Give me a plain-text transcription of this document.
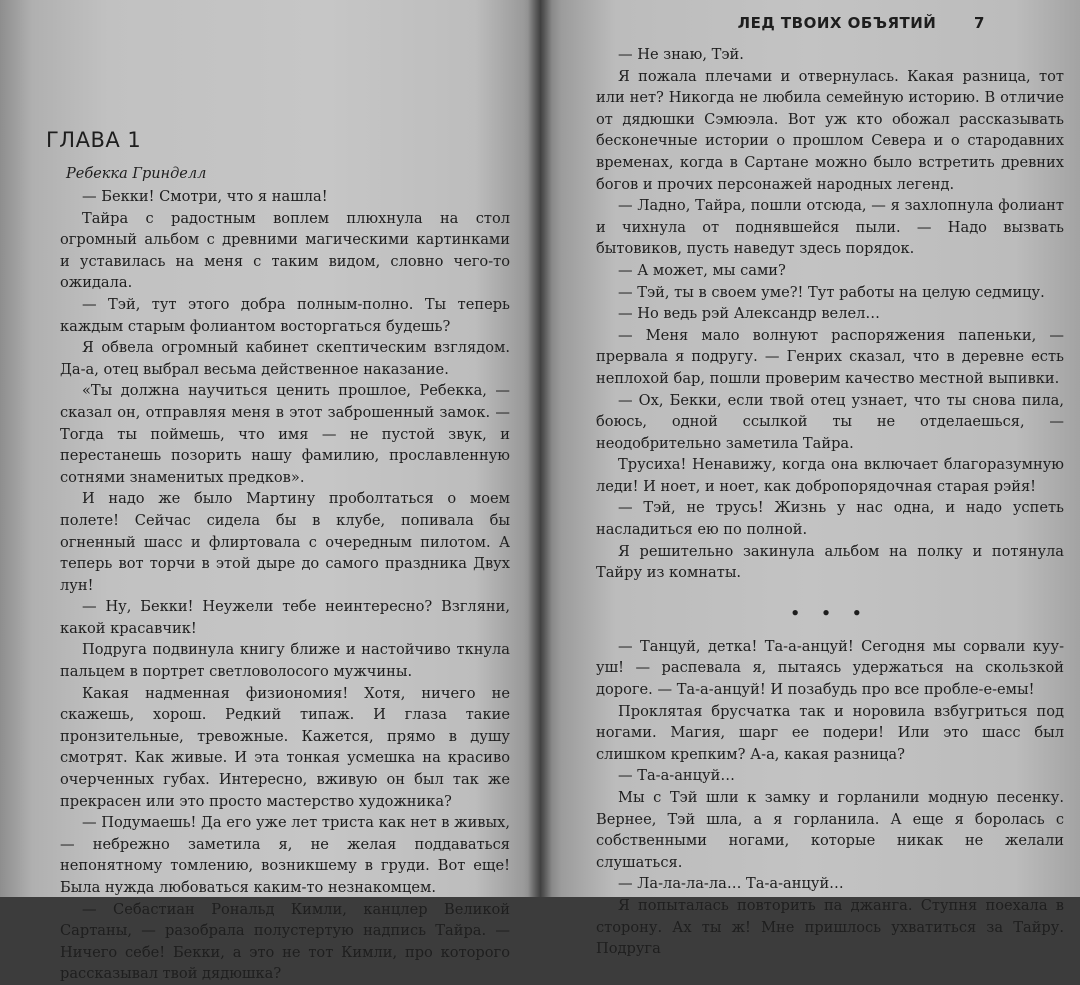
ГЛАВА 1
Ребекка Гринделл

— Бекки! Смотри, что я нашла!

Тайра с радостным воплем плюхнула на стол огромный альбом с древними магическими картинками и уставилась на меня с таким видом, словно чего-то ожидала.

— Тэй, тут этого добра полным-полно. Ты теперь каждым старым фолиантом восторгаться будешь?

Я обвела огромный кабинет скептическим взглядом. Да-а, отец выбрал весьма действенное наказание.

«Ты должна научиться ценить прошлое, Ребекка, — сказал он, отправляя меня в этот заброшенный замок. — Тогда ты поймешь, что имя — не пустой звук, и перестанешь позорить нашу фамилию, прославленную сотнями знаменитых предков».

И надо же было Мартину проболтаться о моем полете! Сейчас сидела бы в клубе, попивала бы огненный шасс и флиртовала с очередным пилотом. А теперь вот торчи в этой дыре до самого праздника Двух лун!

— Ну, Бекки! Неужели тебе неинтересно? Взгляни, какой красавчик!

Подруга подвинула книгу ближе и настойчиво ткнула пальцем в портрет светловолосого мужчины.

Какая надменная физиономия! Хотя, ничего не скажешь, хорош. Редкий типаж. И глаза такие пронзительные, тревожные. Кажется, прямо в душу смотрят. Как живые. И эта тонкая усмешка на красиво очерченных губах. Интересно, вживую он был так же прекрасен или это просто мастерство художника?

— Подумаешь! Да его уже лет триста как нет в живых, — небрежно заметила я, не желая поддаваться непонятному томлению, возникшему в груди. Вот еще! Была нужда любоваться каким-то незнакомцем.

— Себастиан Рональд Кимли, канцлер Великой Сартаны, — разобрала полустертую надпись Тайра. — Ничего себе! Бекки, а это не тот Кимли, про которого рассказывал твой дядюшка?

ЛЕД ТВОИХ ОБЪЯТИЙ	7

— Не знаю, Тэй.

Я пожала плечами и отвернулась. Какая разница, тот или нет? Никогда не любила семейную историю. В отличие от дядюшки Сэмюэла. Вот уж кто обожал рассказывать бесконечные истории о прошлом Севера и о стародавних временах, когда в Сартане можно было встретить древних богов и прочих персонажей народных легенд.

— Ладно, Тайра, пошли отсюда, — я захлопнула фолиант и чихнула от поднявшейся пыли. — Надо вызвать бытовиков, пусть наведут здесь порядок.

— А может, мы сами?

— Тэй, ты в своем уме?! Тут работы на целую седмицу.

— Но ведь рэй Александр велел…

— Меня мало волнуют распоряжения папеньки, — прервала я подругу. — Генрих сказал, что в деревне есть неплохой бар, пошли проверим качество местной выпивки.

— Ох, Бекки, если твой отец узнает, что ты снова пила, боюсь, одной ссылкой ты не отделаешься, — неодобрительно заметила Тайра.

Трусиха! Ненавижу, когда она включает благоразумную леди! И ноет, и ноет, как добропорядочная старая рэйя!

— Тэй, не трусь! Жизнь у нас одна, и надо успеть насладиться ею по полной.

Я решительно закинула альбом на полку и потянула Тайру из комнаты.

• • •

— Танцуй, детка! Та-а-анцуй! Сегодня мы сорвали куу-уш! — распевала я, пытаясь удержаться на скользкой дороге. — Та-а-анцуй! И позабудь про все пробле-е-емы!

Проклятая брусчатка так и норовила взбугриться под ногами. Магия, шарг ее подери! Или это шасс был слишком крепким? А-а, какая разница?

— Та-а-анцуй…

Мы с Тэй шли к замку и горланили модную песенку. Вернее, Тэй шла, а я горланила. А еще я боролась с собственными ногами, которые никак не желали слушаться.

— Ла-ла-ла-ла… Та-а-анцуй…

Я попыталась повторить па джанга. Ступня поехала в сторону. Ах ты ж! Мне пришлось ухватиться за Тайру. Подруга
